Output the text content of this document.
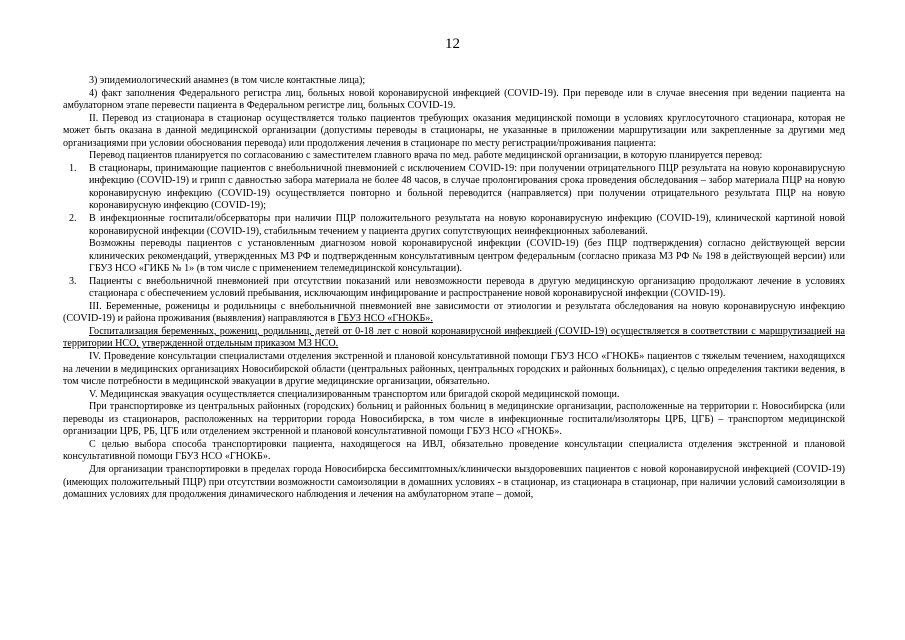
12

3) эпидемиологический анамнез (в том числе контактные лица);

4) факт заполнения Федерального регистра лиц, больных новой коронавирусной инфекцией (COVID-19). При переводе или в случае внесения при ведении пациента на амбулаторном этапе перевести пациента в Федеральном регистре лиц, больных COVID-19.

II. Перевод из стационара в стационар осуществляется только пациентов требующих оказания медицинской помощи в условиях круглосуточного стационара, которая не может быть оказана в данной медицинской организации (допустимы переводы в стационары, не указанные в приложении маршрутизации или закрепленные за другими мед организациями при условии обоснования перевода) или продолжения лечения в стационаре по месту регистрации/проживания пациента:

Перевод пациентов планируется по согласованию с заместителем главного врача по мед. работе медицинской организации, в которую планируется перевод:

1. В стационары, принимающие пациентов с внебольничной пневмонией с исключением COVID-19: при получении отрицательного ПЦР результата на новую коронавирусную инфекцию (COVID-19) и грипп с давностью забора материала не более 48 часов, в случае пролонгирования срока проведения обследования – забор материала ПЦР на новую коронавирусную инфекцию (COVID-19) осуществляется повторно и больной переводится (направляется) при получении отрицательного результата ПЦР на новую коронавирусную инфекцию (COVID-19);
2. В инфекционные госпитали/обсерваторы при наличии ПЦР положительного результата на новую коронавирусную инфекцию (COVID-19), клинической картиной новой коронавирусной инфекции (COVID-19), стабильным течением у пациента других сопутствующих неинфекционных заболеваний.
Возможны переводы пациентов с установленным диагнозом новой коронавирусной инфекции (COVID-19) (без ПЦР подтверждения) согласно действующей версии клинических рекомендаций, утвержденных МЗ РФ и подтвержденным консультативным центром федеральным (согласно приказа МЗ РФ № 198 в действующей версии) или ГБУЗ НСО «ГИКБ № 1» (в том числе с применением телемедицинской консультации).
3. Пациенты с внебольничной пневмонией при отсутствии показаний или невозможности перевода в другую медицинскую организацию продолжают лечение в условиях стационара с обеспечением условий пребывания, исключающим инфицирование и распространение новой коронавирусной инфекции (COVID-19).

III. Беременные, роженицы и родильницы с внебольничной пневмонией вне зависимости от этиологии и результата обследования на новую коронавирусную инфекцию (COVID-19) и района проживания (выявления) направляются в ГБУЗ НСО «ГНОКБ».

Госпитализация беременных, рожениц, родильниц, детей от 0-18 лет с новой коронавирусной инфекцией (COVID-19) осуществляется в соответствии с маршрутизацией на территории НСО, утвержденной отдельным приказом МЗ НСО.

IV. Проведение консультации специалистами отделения экстренной и плановой консультативной помощи ГБУЗ НСО «ГНОКБ» пациентов с тяжелым течением, находящихся на лечении в медицинских организациях Новосибирской области (центральных районных, центральных городских и районных больницах), с целью определения тактики ведения, в том числе потребности в медицинской эвакуации в другие медицинские организации, обязательно.

V. Медицинская эвакуация осуществляется специализированным транспортом или бригадой скорой медицинской помощи.

При транспортировке из центральных районных (городских) больниц и районных больниц в медицинские организации, расположенные на территории г. Новосибирска (или переводы из стационаров, расположенных на территории города Новосибирска, в том числе в инфекционные госпитали/изоляторы ЦРБ, ЦГБ) – транспортом медицинской организации ЦРБ, РБ, ЦГБ или отделением экстренной и плановой консультативной помощи ГБУЗ НСО «ГНОКБ».

С целью выбора способа транспортировки пациента, находящегося на ИВЛ, обязательно проведение консультации специалиста отделения экстренной и плановой консультативной помощи ГБУЗ НСО «ГНОКБ».

Для организации транспортировки в пределах города Новосибирска бессимптомных/клинически выздоровевших пациентов с новой коронавирусной инфекцией (COVID-19) (имеющих положительный ПЦР) при отсутствии возможности самоизоляции в домашних условиях - в стационар, из стационара в стационар, при наличии условий самоизоляции в домашних условиях для продолжения динамического наблюдения и лечения на амбулаторном этапе – домой,
